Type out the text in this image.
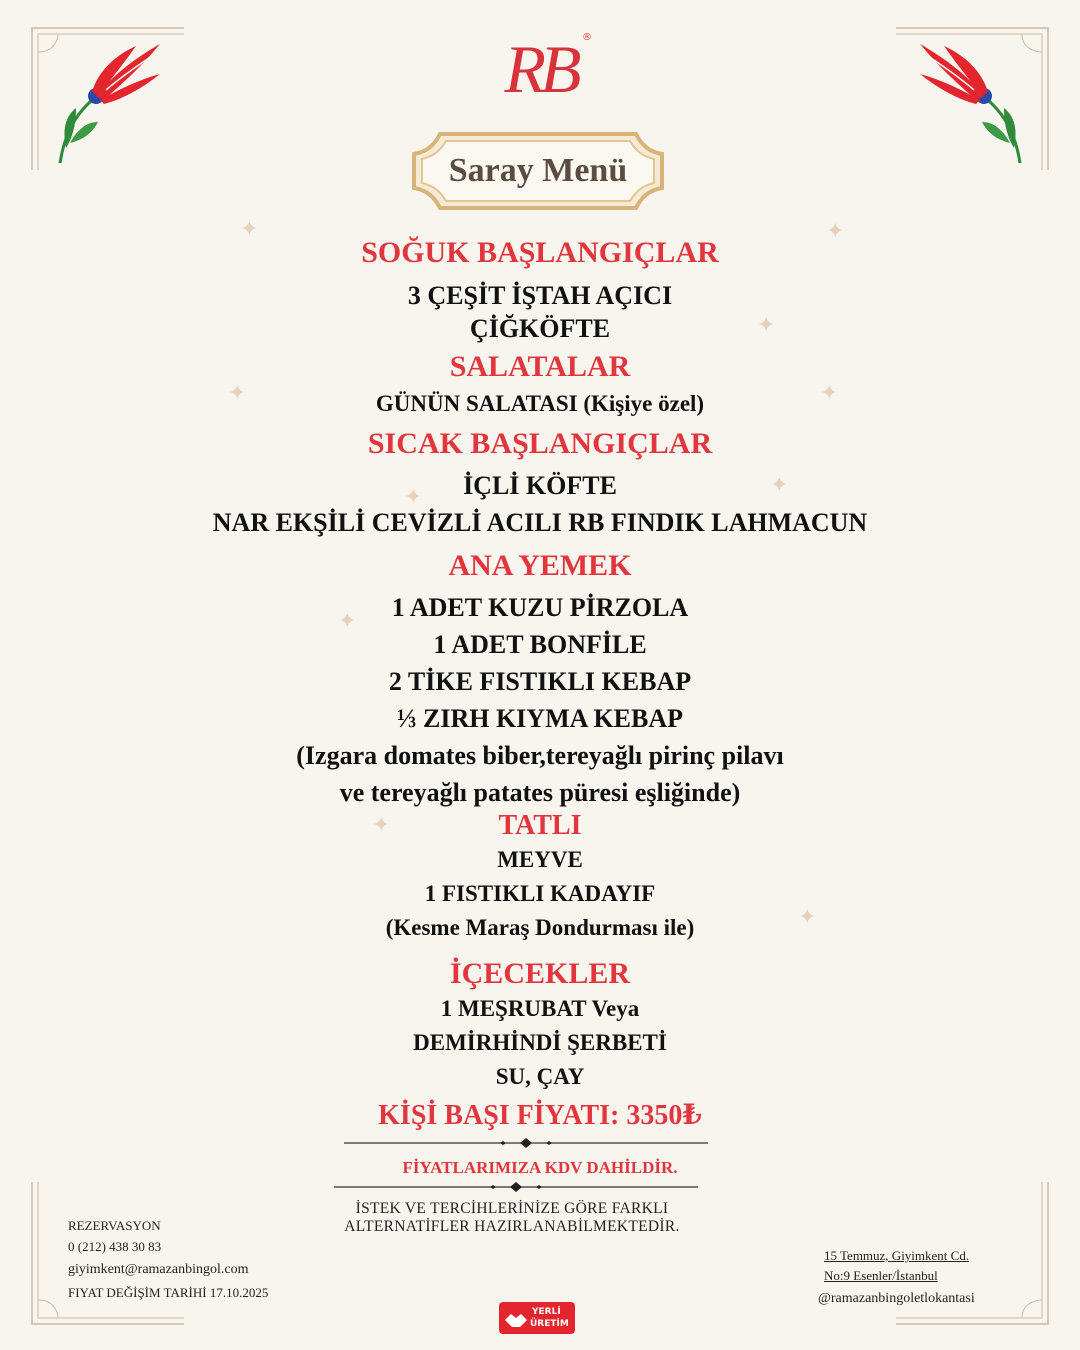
RB ®
Saray Menü
✦	✦
✦
✦	✦
✦	✦
✦
✦
✦
SOĞUK BAŞLANGIÇLAR
3 ÇEŞİT İŞTAH AÇICI
ÇİĞKÖFTE
SALATALAR
GÜNÜN SALATASI (Kişiye özel)
SICAK BAŞLANGIÇLAR
İÇLİ KÖFTE
NAR EKŞİLİ CEVİZLİ ACILI RB FINDIK LAHMACUN
ANA YEMEK
1 ADET KUZU PİRZOLA
1 ADET BONFİLE
2 TİKE FISTIKLI KEBAP
⅓ ZIRH KIYMA KEBAP
(Izgara domates biber,tereyağlı pirinç pilavı
ve tereyağlı patates püresi eşliğinde)
TATLI
MEYVE
1 FISTIKLI KADAYIF
(Kesme Maraş Dondurması ile)
İÇECEKLER
1 MEŞRUBAT Veya
DEMİRHİNDİ ŞERBETİ
SU, ÇAY
KİŞİ BAŞI FİYATI: 3350₺
FİYATLARIMIZA KDV DAHİLDİR.
İSTEK VE TERCİHLERİNİZE GÖRE FARKLI
ALTERNATİFLER HAZIRLANABİLMEKTEDİR.
REZERVASYON
0 (212) 438 30 83
giyimkent@ramazanbingol.com
FIYAT DEĞİŞİM TARİHİ 17.10.2025
15 Temmuz, Giyimkent Cd.
No:9 Esenler/İstanbul
@ramazanbingoletlokantasi
YERLİ
ÜRETİM
